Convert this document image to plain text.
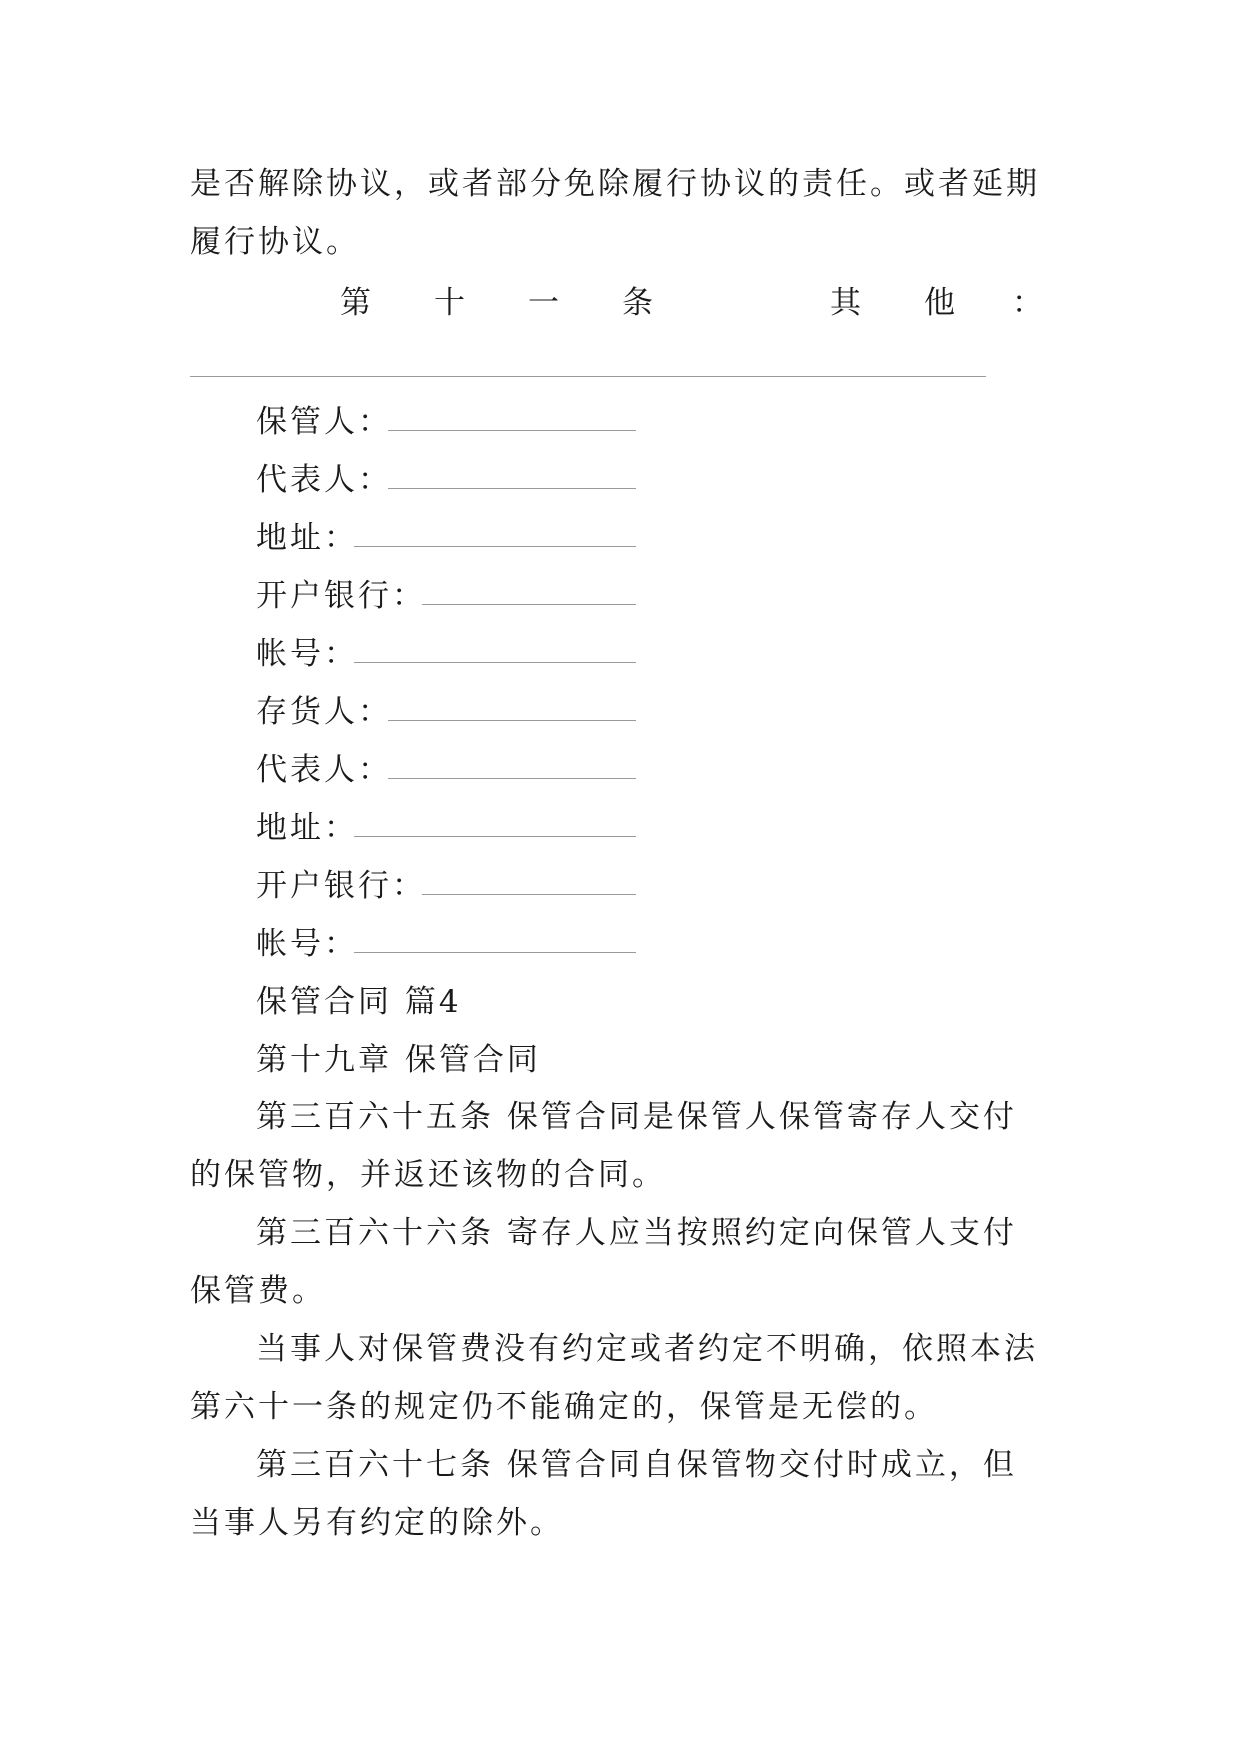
是否解除协议，或者部分免除履行协议的责任。或者延期履行协议。

第 十 一 条	其 他 ：
保管人：
代表人：
地址：
开户银行：
帐号：
存货人：
代表人：
地址：
开户银行：
帐号：
保管合同 篇4
第十九章 保管合同

第三百六十五条 保管合同是保管人保管寄存人交付的保管物，并返还该物的合同。

第三百六十六条 寄存人应当按照约定向保管人支付保管费。

当事人对保管费没有约定或者约定不明确，依照本法第六十一条的规定仍不能确定的，保管是无偿的。

第三百六十七条 保管合同自保管物交付时成立，但当事人另有约定的除外。
